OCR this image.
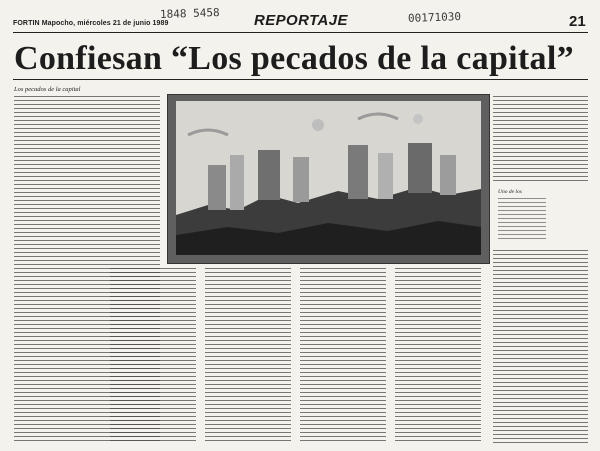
FORTIN Mapocho, miércoles 21 de junio 1989
1848 5458 REPORTAJE	00171030	21
Confiesan “Los pecados de la capital”
Los pecados de la capital
Uno de los
